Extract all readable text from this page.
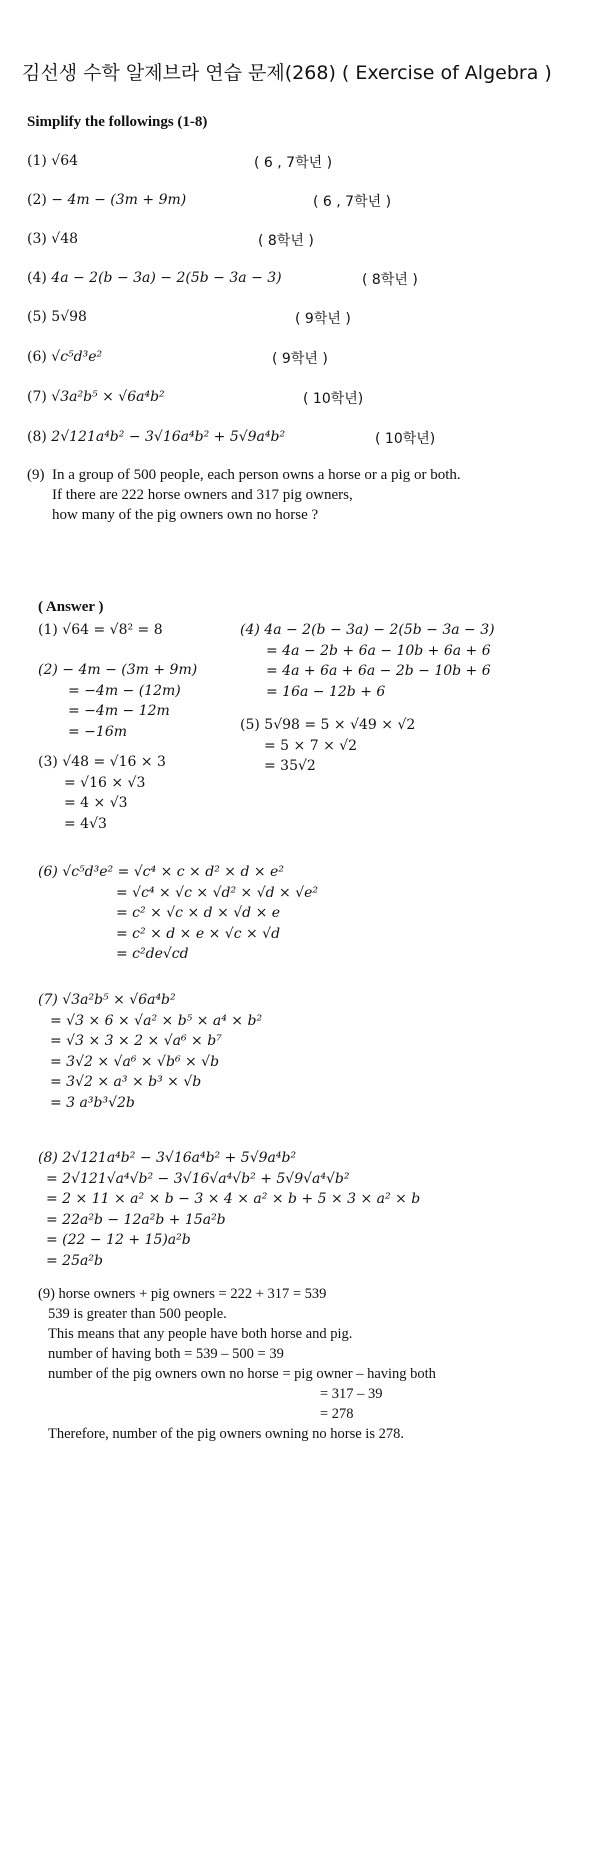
김선생 수학 알제브라 연습 문제(268) ( Exercise of Algebra )
Simplify the followings (1-8)
(1) √64	( 6 , 7학년 )
(2) − 4m − (3m + 9m)	( 6 , 7학년 )
(3) √48	( 8학년 )
(4) 4a − 2(b − 3a) − 2(5b − 3a − 3)	( 8학년 )
(5) 5√98	( 9학년 )
(6) √c⁵d³e²	( 9학년 )
(7) √3a²b⁵ × √6a⁴b²	( 10학년)
(8) 2√121a⁴b² − 3√16a⁴b² + 5√9a⁴b²	( 10학년)
(9) In a group of 500 people, each person owns a horse or a pig or both.
If there are 222 horse owners and 317 pig owners,
how many of the pig owners own no horse ?
( Answer )
(1) √64 = √8² = 8
(2) − 4m − (3m + 9m)
= −4m − (12m)
= −4m − 12m
= −16m
(3) √48 = √16 × 3
= √16 × √3
= 4 × √3
= 4√3
(4) 4a − 2(b − 3a) − 2(5b − 3a − 3)
= 4a − 2b + 6a − 10b + 6a + 6
= 4a + 6a + 6a − 2b − 10b + 6
= 16a − 12b + 6
(5) 5√98 = 5 × √49 × √2
= 5 × 7 × √2
= 35√2
(6) √c⁵d³e² = √c⁴ × c × d² × d × e²
= √c⁴ × √c × √d² × √d × √e²
= c² × √c × d × √d × e
= c² × d × e × √c × √d
= c²de√cd
(7) √3a²b⁵ × √6a⁴b²
= √3 × 6 × √a² × b⁵ × a⁴ × b²
= √3 × 3 × 2 × √a⁶ × b⁷
= 3√2 × √a⁶ × √b⁶ × √b
= 3√2 × a³ × b³ × √b
= 3 a³b³√2b
(8) 2√121a⁴b² − 3√16a⁴b² + 5√9a⁴b²
= 2√121√a⁴√b² − 3√16√a⁴√b² + 5√9√a⁴√b²
= 2 × 11 × a² × b − 3 × 4 × a² × b + 5 × 3 × a² × b
= 22a²b − 12a²b + 15a²b
= (22 − 12 + 15)a²b
= 25a²b
(9) horse owners + pig owners = 222 + 317 = 539
539 is greater than 500 people.
This means that any people have both horse and pig.
number of having both = 539 – 500 = 39
number of the pig owners own no horse = pig owner – having both
= 317 – 39
= 278
Therefore, number of the pig owners owning no horse is 278.
